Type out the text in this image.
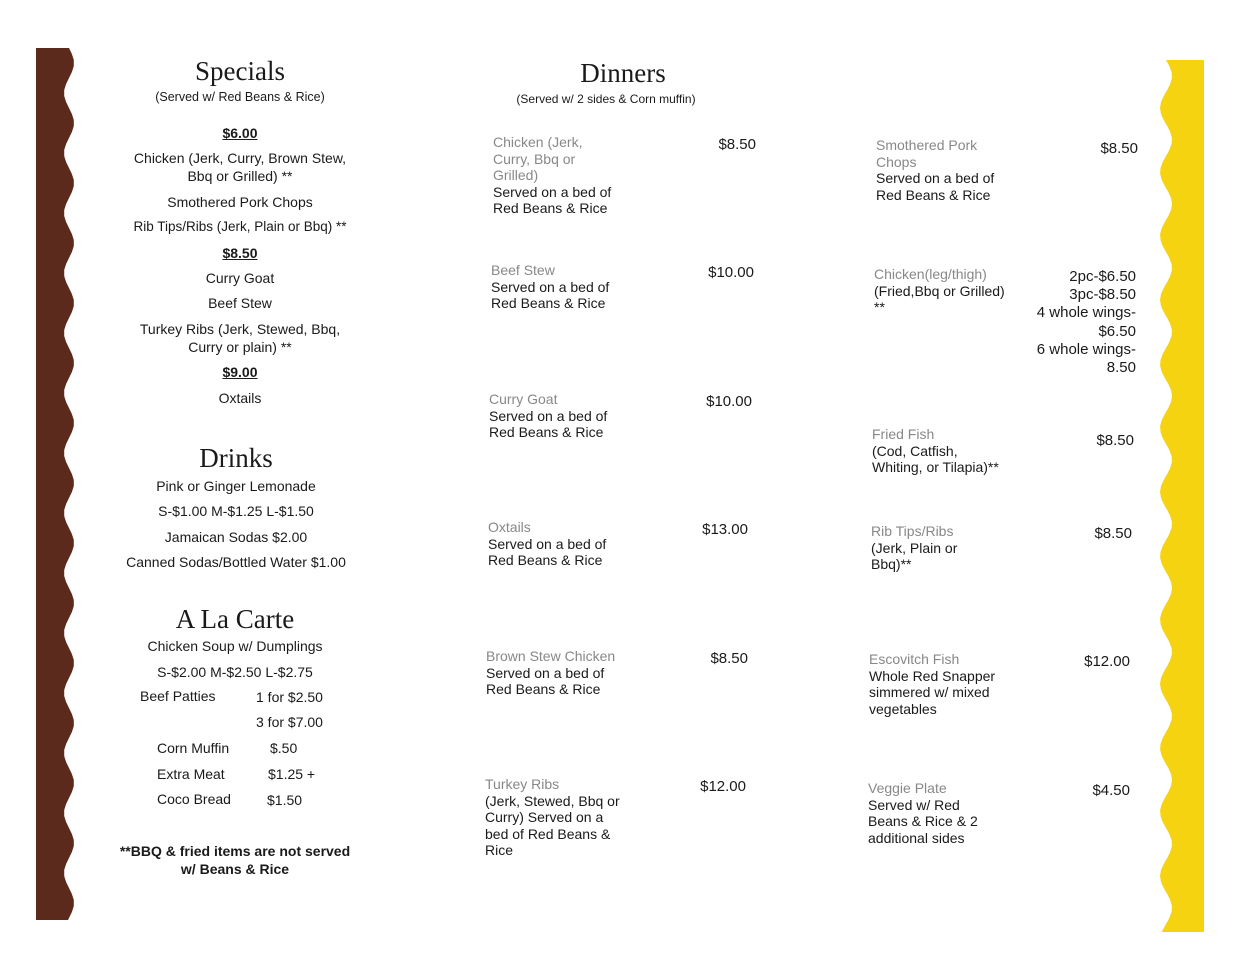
Specials
(Served w/ Red Beans & Rice)
$6.00
Chicken (Jerk, Curry, Brown Stew,
Bbq or Grilled) **
Smothered Pork Chops
Rib Tips/Ribs (Jerk, Plain or Bbq) **
$8.50
Curry Goat
Beef Stew
Turkey Ribs (Jerk, Stewed, Bbq,
Curry or plain) **
$9.00
Oxtails
Drinks
Pink or Ginger Lemonade
S-$1.00 M-$1.25 L-$1.50
Jamaican Sodas $2.00
Canned Sodas/Bottled Water $1.00
A La Carte
Chicken Soup w/ Dumplings
S-$2.00 M-$2.50 L-$2.75
Beef Patties	1 for $2.50
3 for $7.00
Corn Muffin	$.50
Extra Meat	$1.25 +
Coco Bread	$1.50
**BBQ & fried items are not served
w/ Beans & Rice
Dinners
(Served w/ 2 sides & Corn muffin)
Chicken (Jerk, Curry, Bbq or Grilled)
Served on a bed of Red Beans & Rice
$8.50
Beef Stew
Served on a bed of Red Beans & Rice
$10.00
Curry Goat
Served on a bed of Red Beans & Rice
$10.00
Oxtails
Served on a bed of Red Beans & Rice
$13.00
Brown Stew Chicken
Served on a bed of Red Beans & Rice
$8.50
Turkey Ribs
(Jerk, Stewed, Bbq or Curry) Served on a bed of Red Beans & Rice
$12.00
Smothered Pork Chops
Served on a bed of Red Beans & Rice
$8.50
Chicken(leg/thigh)
(Fried,Bbq or Grilled) **
2pc-$6.50
3pc-$8.50
4 whole wings-
$6.50
6 whole wings-
8.50
Fried Fish
(Cod, Catfish, Whiting, or Tilapia)**
$8.50
Rib Tips/Ribs
(Jerk, Plain or Bbq)**
$8.50
Escovitch Fish
Whole Red Snapper simmered w/ mixed vegetables
$12.00
Veggie Plate
Served w/ Red Beans & Rice & 2 additional sides
$4.50
